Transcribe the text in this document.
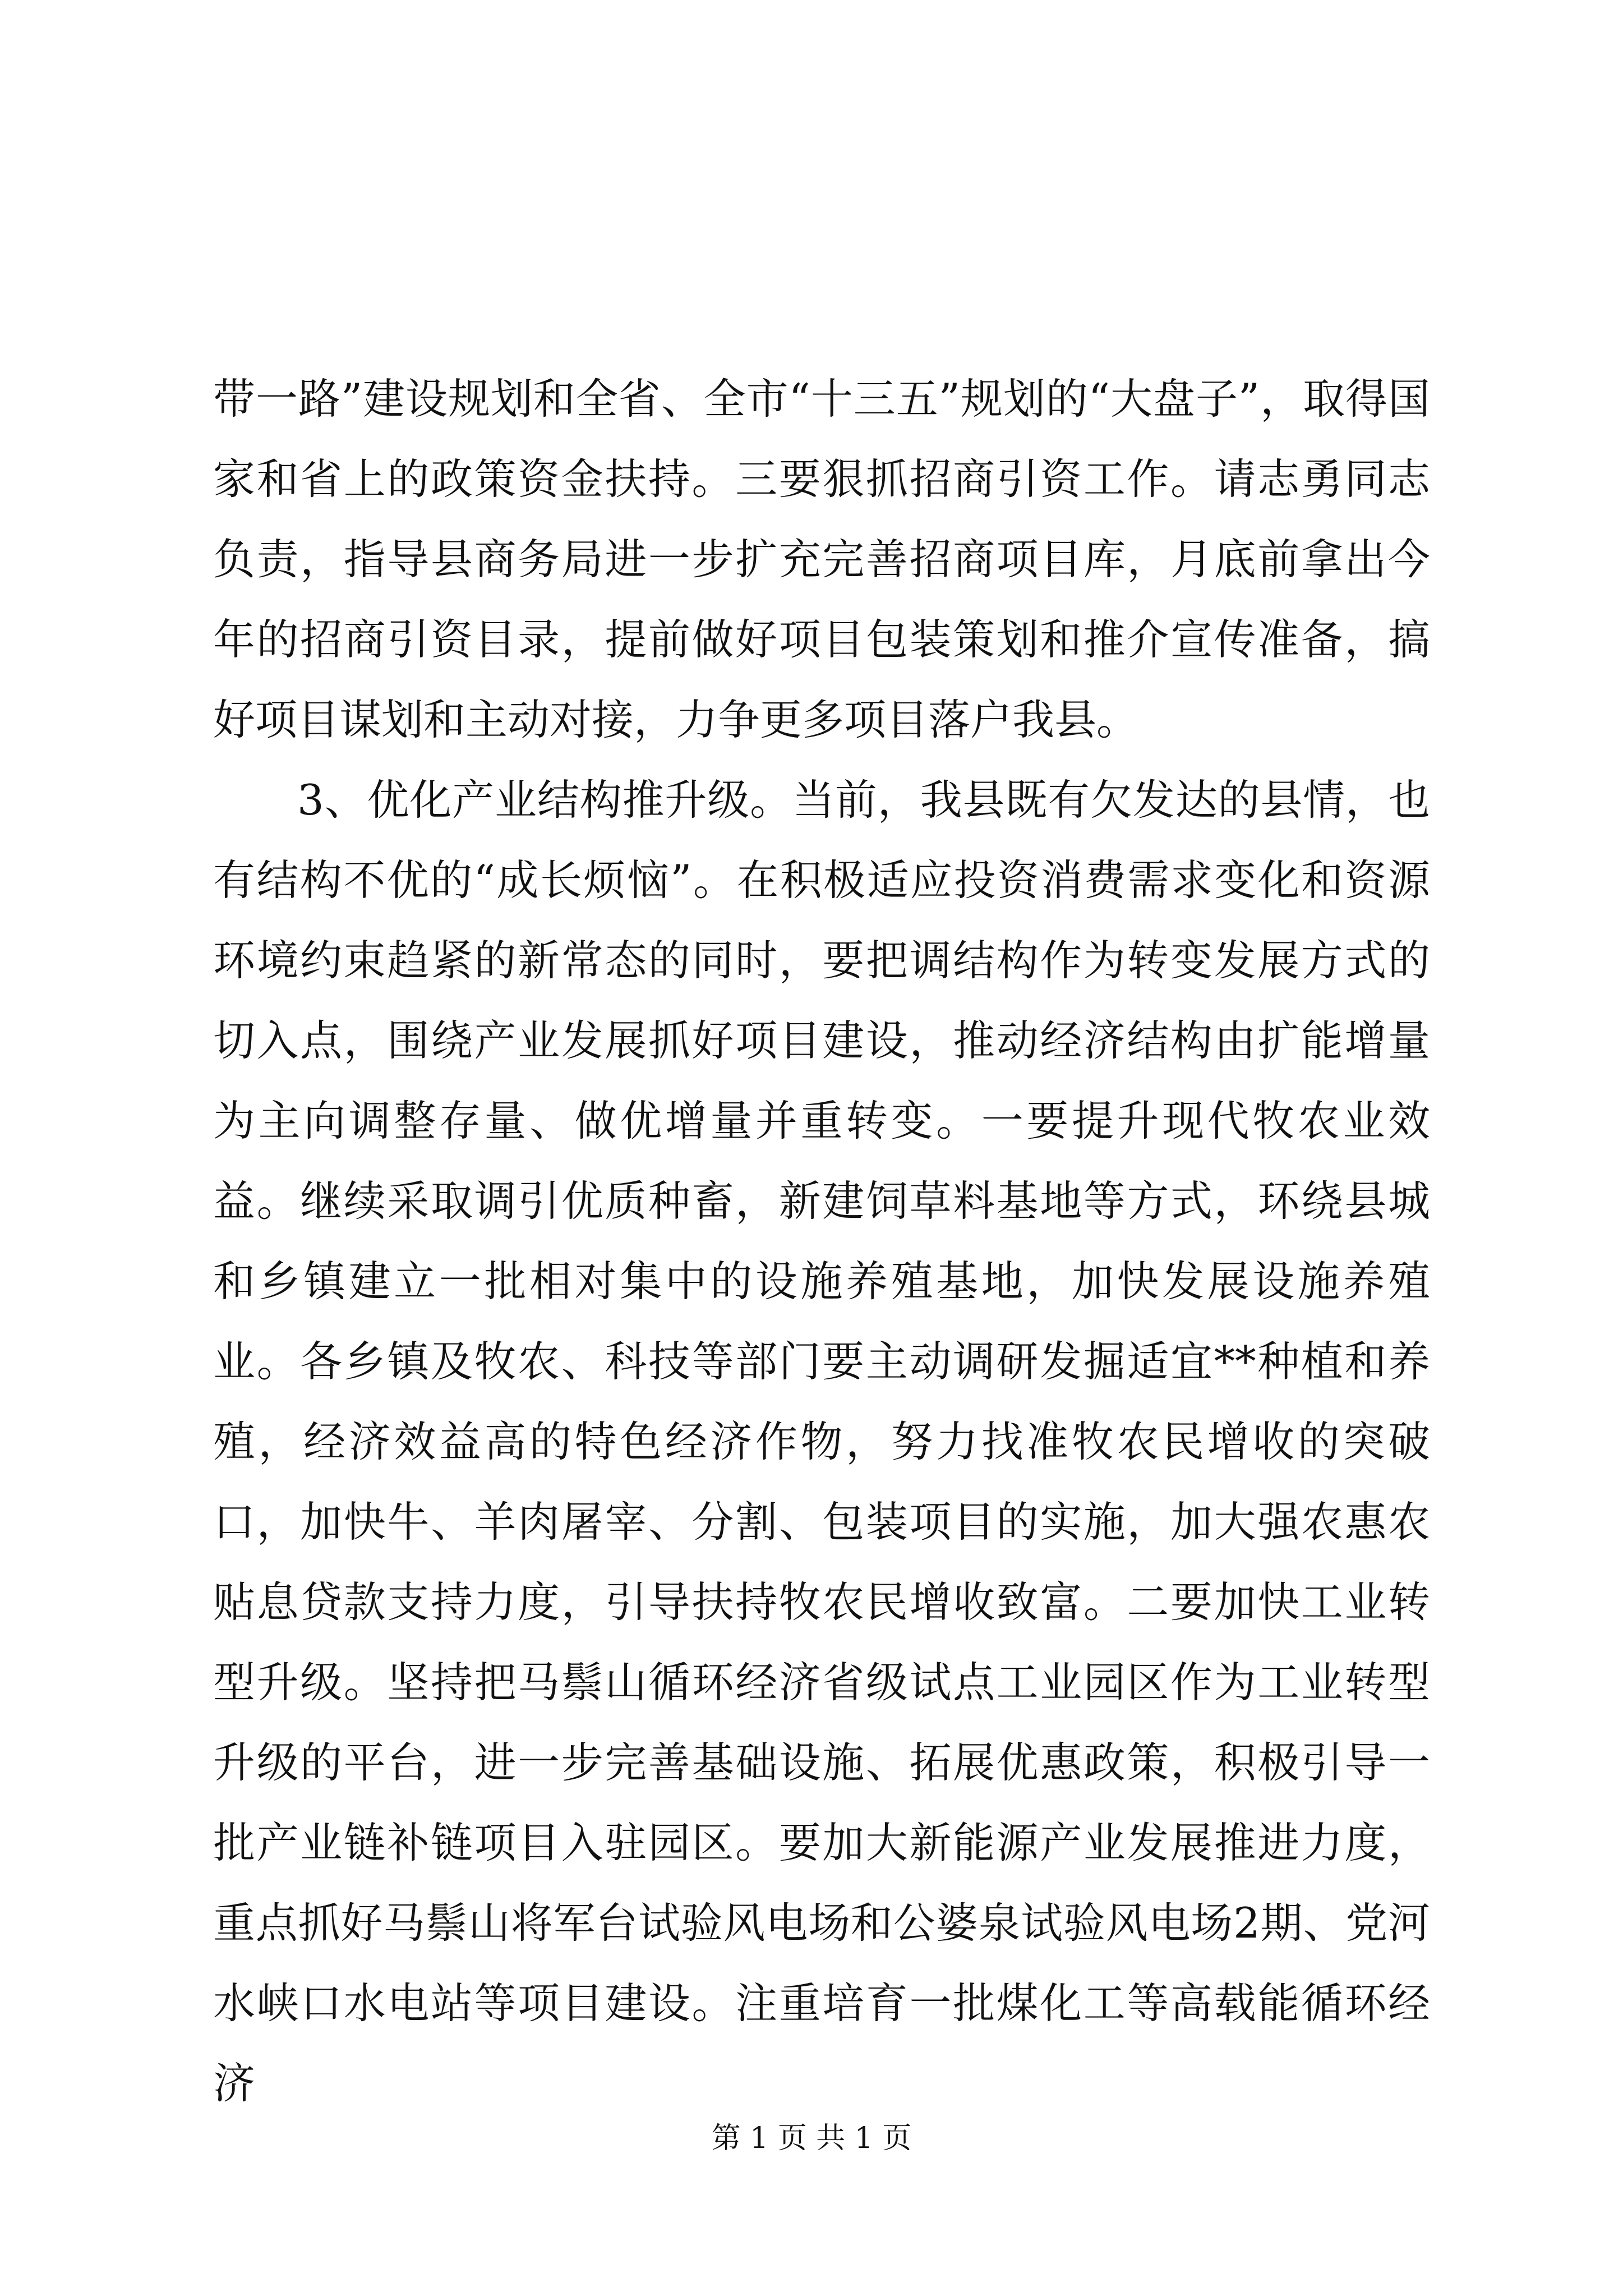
带一路”建设规划和全省、全市“十三五”规划的“大盘子”，取得国家和省上的政策资金扶持。三要狠抓招商引资工作。请志勇同志负责，指导县商务局进一步扩充完善招商项目库，月底前拿出今年的招商引资目录，提前做好项目包装策划和推介宣传准备，搞好项目谋划和主动对接，力争更多项目落户我县。

3、优化产业结构推升级。当前，我县既有欠发达的县情，也有结构不优的“成长烦恼”。在积极适应投资消费需求变化和资源环境约束趋紧的新常态的同时，要把调结构作为转变发展方式的切入点，围绕产业发展抓好项目建设，推动经济结构由扩能增量为主向调整存量、做优增量并重转变。一要提升现代牧农业效益。继续采取调引优质种畜，新建饲草料基地等方式，环绕县城和乡镇建立一批相对集中的设施养殖基地，加快发展设施养殖业。各乡镇及牧农、科技等部门要主动调研发掘适宜**种植和养殖，经济效益高的特色经济作物，努力找准牧农民增收的突破口，加快牛、羊肉屠宰、分割、包装项目的实施，加大强农惠农贴息贷款支持力度，引导扶持牧农民增收致富。二要加快工业转型升级。坚持把马鬃山循环经济省级试点工业园区作为工业转型升级的平台，进一步完善基础设施、拓展优惠政策，积极引导一批产业链补链项目入驻园区。要加大新能源产业发展推进力度，重点抓好马鬃山将军台试验风电场和公婆泉试验风电场2期、党河水峡口水电站等项目建设。注重培育一批煤化工等高载能循环经济

第 1 页 共 1 页
